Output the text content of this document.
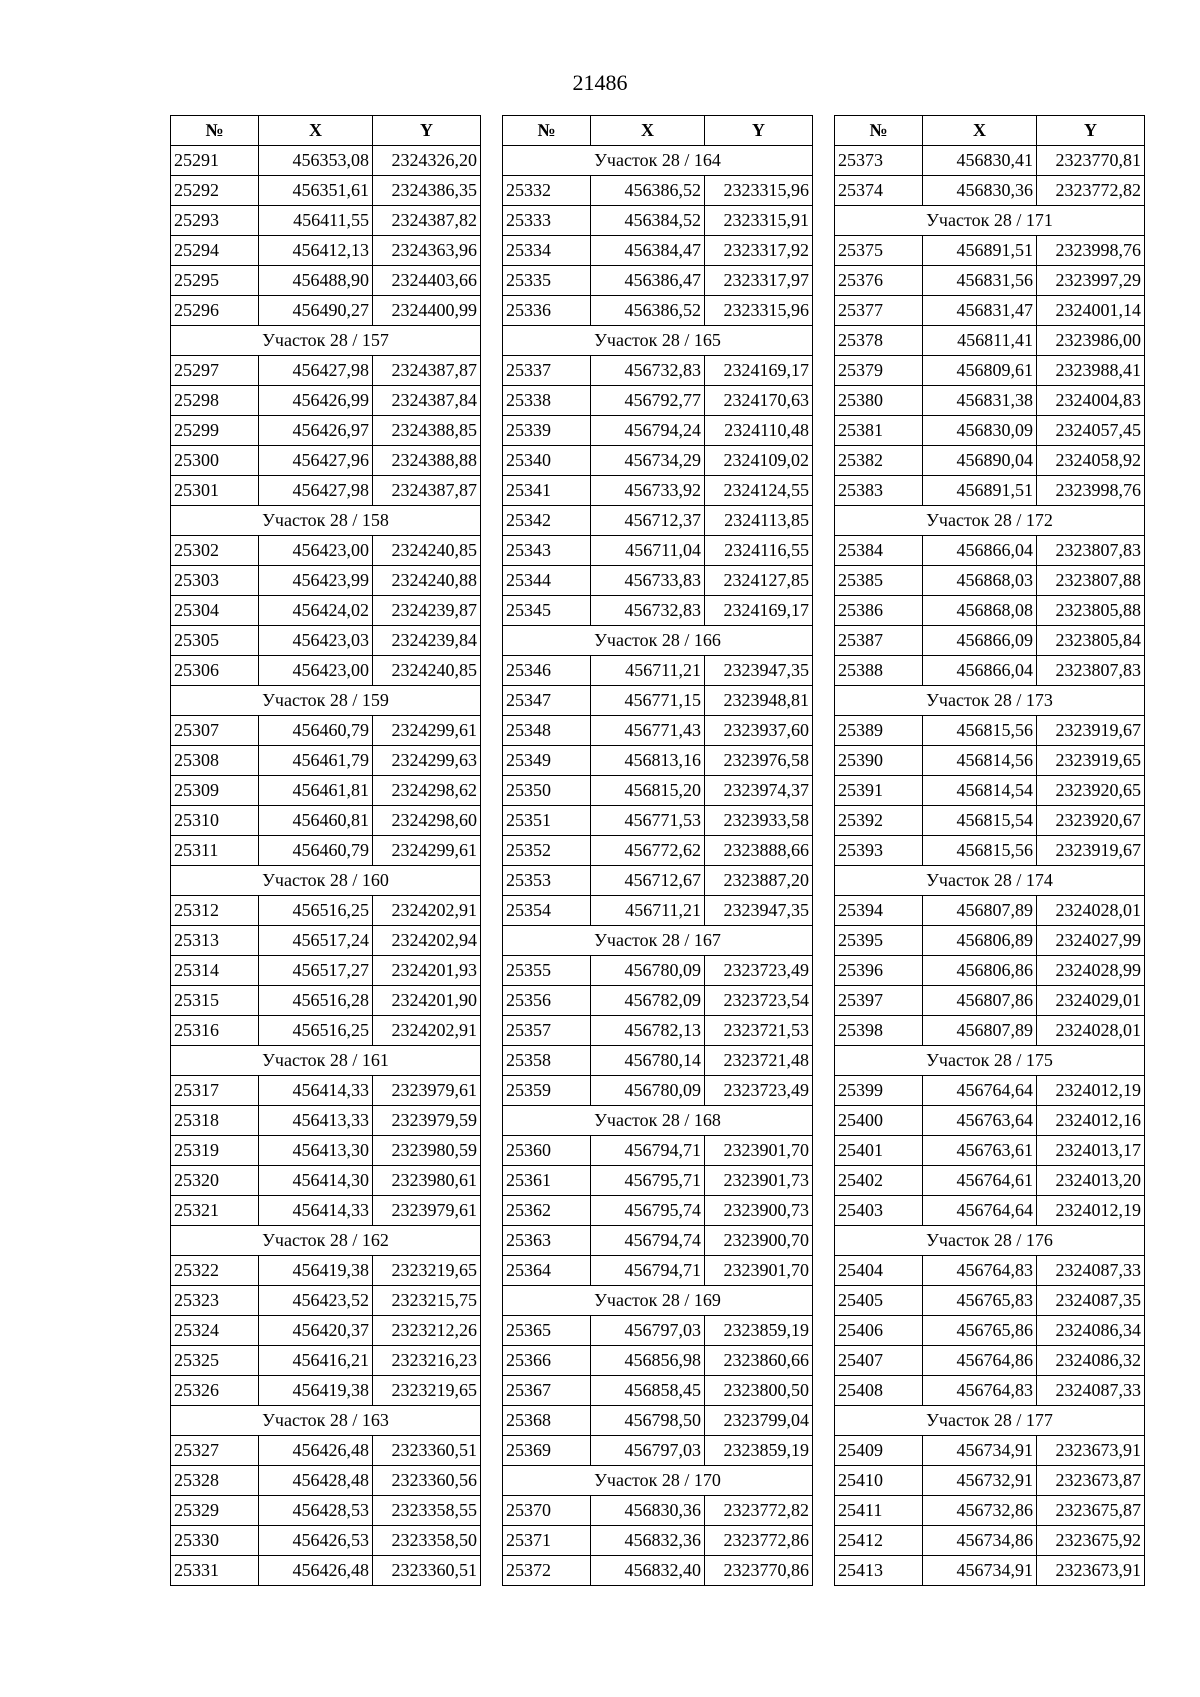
21486
№	X	Y
25291	456353,08	2324326,20
25292	456351,61	2324386,35
25293	456411,55	2324387,82
25294	456412,13	2324363,96
25295	456488,90	2324403,66
25296	456490,27	2324400,99
Участок 28 / 157		
25297	456427,98	2324387,87
25298	456426,99	2324387,84
25299	456426,97	2324388,85
25300	456427,96	2324388,88
25301	456427,98	2324387,87
Участок 28 / 158		
25302	456423,00	2324240,85
25303	456423,99	2324240,88
25304	456424,02	2324239,87
25305	456423,03	2324239,84
25306	456423,00	2324240,85
Участок 28 / 159		
25307	456460,79	2324299,61
25308	456461,79	2324299,63
25309	456461,81	2324298,62
25310	456460,81	2324298,60
25311	456460,79	2324299,61
Участок 28 / 160		
25312	456516,25	2324202,91
25313	456517,24	2324202,94
25314	456517,27	2324201,93
25315	456516,28	2324201,90
25316	456516,25	2324202,91
Участок 28 / 161		
25317	456414,33	2323979,61
25318	456413,33	2323979,59
25319	456413,30	2323980,59
25320	456414,30	2323980,61
25321	456414,33	2323979,61
Участок 28 / 162		
25322	456419,38	2323219,65
25323	456423,52	2323215,75
25324	456420,37	2323212,26
25325	456416,21	2323216,23
25326	456419,38	2323219,65
Участок 28 / 163		
25327	456426,48	2323360,51
25328	456428,48	2323360,56
25329	456428,53	2323358,55
25330	456426,53	2323358,50
25331	456426,48	2323360,51
№	X	Y
Участок 28 / 164		
25332	456386,52	2323315,96
25333	456384,52	2323315,91
25334	456384,47	2323317,92
25335	456386,47	2323317,97
25336	456386,52	2323315,96
Участок 28 / 165		
25337	456732,83	2324169,17
25338	456792,77	2324170,63
25339	456794,24	2324110,48
25340	456734,29	2324109,02
25341	456733,92	2324124,55
25342	456712,37	2324113,85
25343	456711,04	2324116,55
25344	456733,83	2324127,85
25345	456732,83	2324169,17
Участок 28 / 166		
25346	456711,21	2323947,35
25347	456771,15	2323948,81
25348	456771,43	2323937,60
25349	456813,16	2323976,58
25350	456815,20	2323974,37
25351	456771,53	2323933,58
25352	456772,62	2323888,66
25353	456712,67	2323887,20
25354	456711,21	2323947,35
Участок 28 / 167		
25355	456780,09	2323723,49
25356	456782,09	2323723,54
25357	456782,13	2323721,53
25358	456780,14	2323721,48
25359	456780,09	2323723,49
Участок 28 / 168		
25360	456794,71	2323901,70
25361	456795,71	2323901,73
25362	456795,74	2323900,73
25363	456794,74	2323900,70
25364	456794,71	2323901,70
Участок 28 / 169		
25365	456797,03	2323859,19
25366	456856,98	2323860,66
25367	456858,45	2323800,50
25368	456798,50	2323799,04
25369	456797,03	2323859,19
Участок 28 / 170		
25370	456830,36	2323772,82
25371	456832,36	2323772,86
25372	456832,40	2323770,86
№	X	Y
25373	456830,41	2323770,81
25374	456830,36	2323772,82
Участок 28 / 171		
25375	456891,51	2323998,76
25376	456831,56	2323997,29
25377	456831,47	2324001,14
25378	456811,41	2323986,00
25379	456809,61	2323988,41
25380	456831,38	2324004,83
25381	456830,09	2324057,45
25382	456890,04	2324058,92
25383	456891,51	2323998,76
Участок 28 / 172		
25384	456866,04	2323807,83
25385	456868,03	2323807,88
25386	456868,08	2323805,88
25387	456866,09	2323805,84
25388	456866,04	2323807,83
Участок 28 / 173		
25389	456815,56	2323919,67
25390	456814,56	2323919,65
25391	456814,54	2323920,65
25392	456815,54	2323920,67
25393	456815,56	2323919,67
Участок 28 / 174		
25394	456807,89	2324028,01
25395	456806,89	2324027,99
25396	456806,86	2324028,99
25397	456807,86	2324029,01
25398	456807,89	2324028,01
Участок 28 / 175		
25399	456764,64	2324012,19
25400	456763,64	2324012,16
25401	456763,61	2324013,17
25402	456764,61	2324013,20
25403	456764,64	2324012,19
Участок 28 / 176		
25404	456764,83	2324087,33
25405	456765,83	2324087,35
25406	456765,86	2324086,34
25407	456764,86	2324086,32
25408	456764,83	2324087,33
Участок 28 / 177		
25409	456734,91	2323673,91
25410	456732,91	2323673,87
25411	456732,86	2323675,87
25412	456734,86	2323675,92
25413	456734,91	2323673,91
